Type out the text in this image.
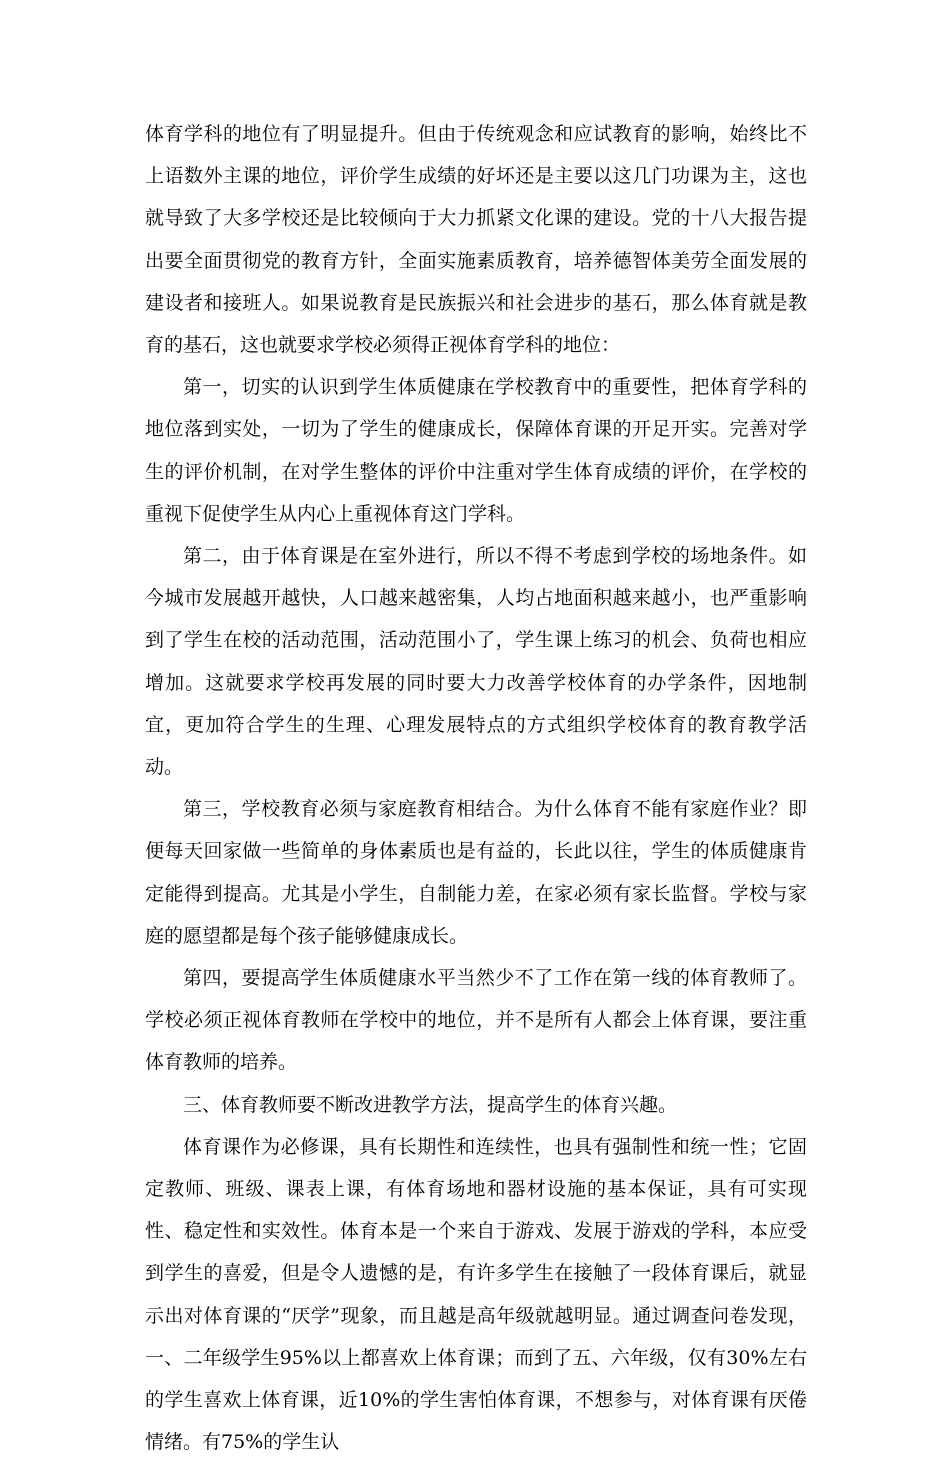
体育学科的地位有了明显提升。但由于传统观念和应试教育的影响，始终比不上语数外主课的地位，评价学生成绩的好坏还是主要以这几门功课为主，这也就导致了大多学校还是比较倾向于大力抓紧文化课的建设。党的十八大报告提出要全面贯彻党的教育方针，全面实施素质教育，培养德智体美劳全面发展的建设者和接班人。如果说教育是民族振兴和社会进步的基石，那么体育就是教育的基石，这也就要求学校必须得正视体育学科的地位：

第一，切实的认识到学生体质健康在学校教育中的重要性，把体育学科的地位落到实处，一切为了学生的健康成长，保障体育课的开足开实。完善对学生的评价机制，在对学生整体的评价中注重对学生体育成绩的评价，在学校的重视下促使学生从内心上重视体育这门学科。

第二，由于体育课是在室外进行，所以不得不考虑到学校的场地条件。如今城市发展越开越快，人口越来越密集，人均占地面积越来越小，也严重影响到了学生在校的活动范围，活动范围小了，学生课上练习的机会、负荷也相应增加。这就要求学校再发展的同时要大力改善学校体育的办学条件，因地制宜，更加符合学生的生理、心理发展特点的方式组织学校体育的教育教学活动。

第三，学校教育必须与家庭教育相结合。为什么体育不能有家庭作业？即便每天回家做一些简单的身体素质也是有益的，长此以往，学生的体质健康肯定能得到提高。尤其是小学生，自制能力差，在家必须有家长监督。学校与家庭的愿望都是每个孩子能够健康成长。

第四，要提高学生体质健康水平当然少不了工作在第一线的体育教师了。学校必须正视体育教师在学校中的地位，并不是所有人都会上体育课，要注重体育教师的培养。

三、体育教师要不断改进教学方法，提高学生的体育兴趣。

体育课作为必修课，具有长期性和连续性，也具有强制性和统一性；它固定教师、班级、课表上课，有体育场地和器材设施的基本保证，具有可实现性、稳定性和实效性。体育本是一个来自于游戏、发展于游戏的学科，本应受到学生的喜爱，但是令人遗憾的是，有许多学生在接触了一段体育课后，就显示出对体育课的“厌学”现象，而且越是高年级就越明显。通过调查问卷发现，一、二年级学生95%以上都喜欢上体育课；而到了五、六年级，仅有30%左右的学生喜欢上体育课，近10%的学生害怕体育课，不想参与，对体育课有厌倦情绪。有75%的学生认
